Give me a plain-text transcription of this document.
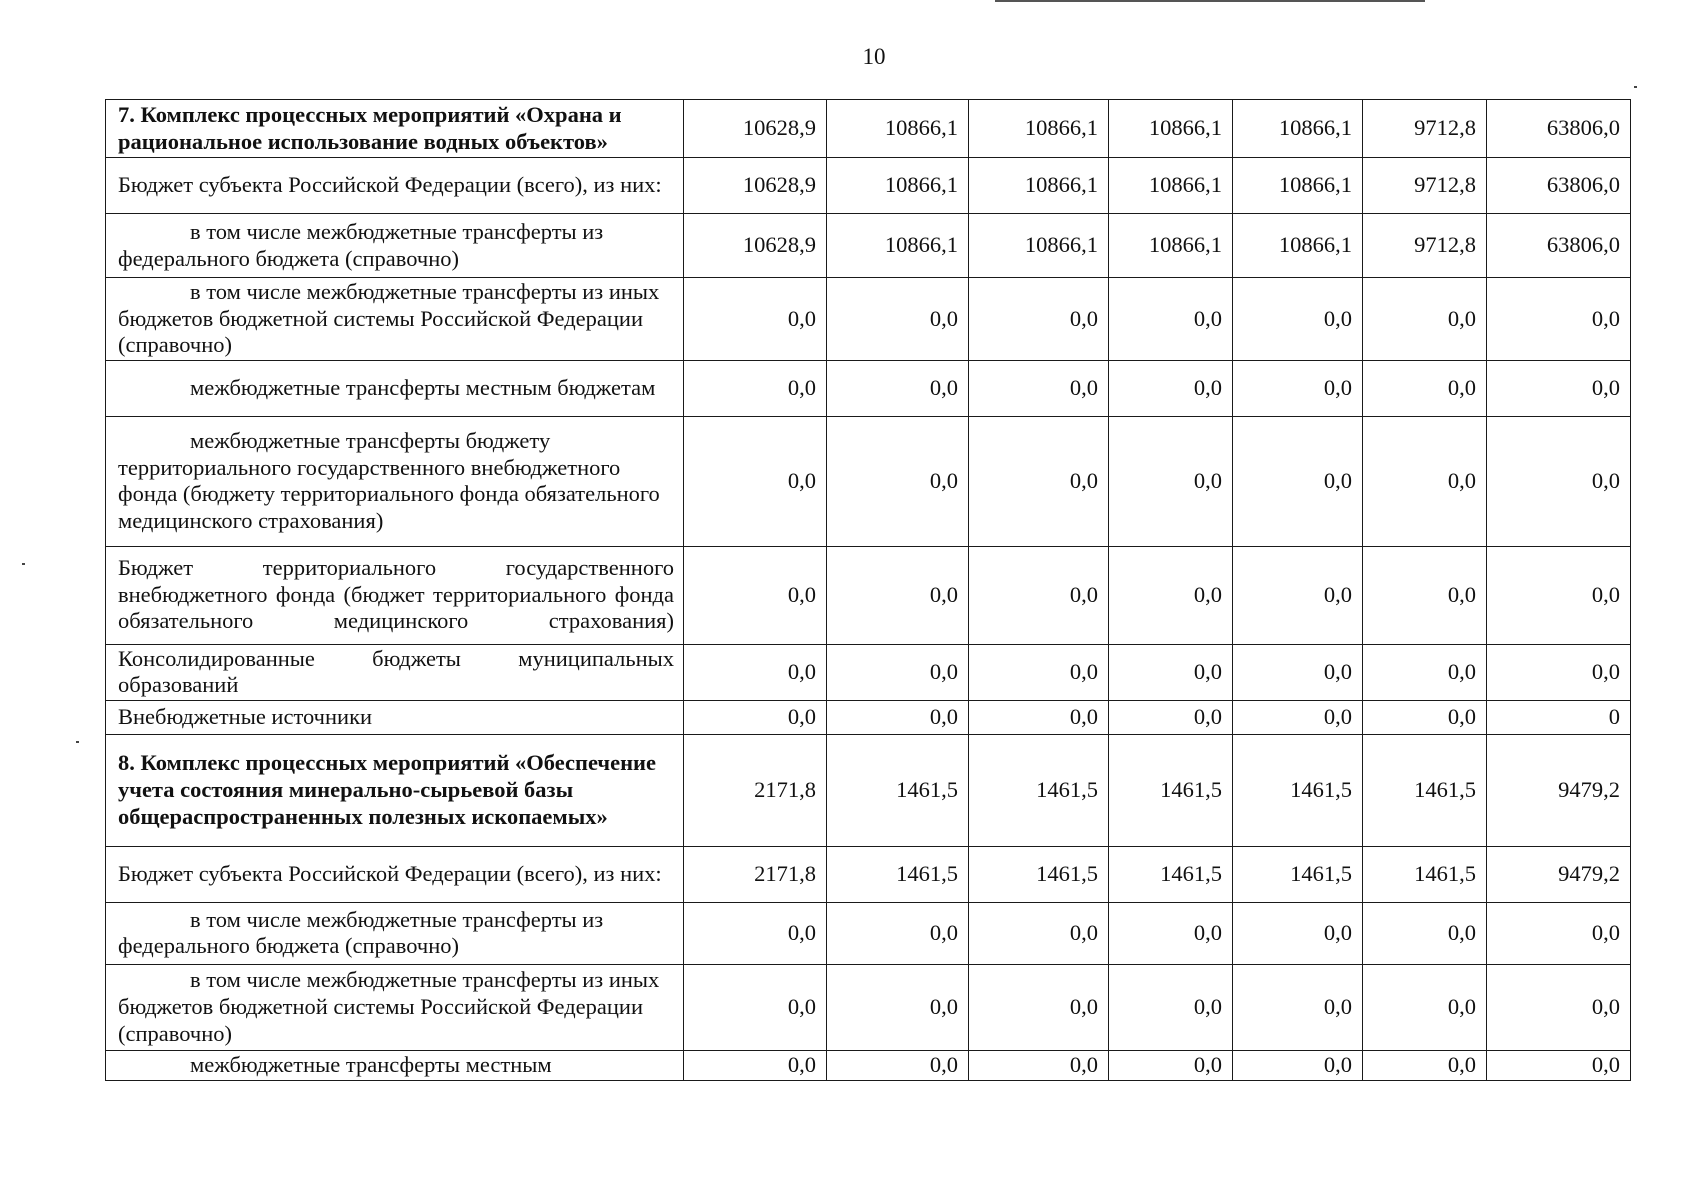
10
7. Комплекс процессных мероприятий «Охрана и рациональное использование водных объектов»	10628,9	10866,1	10866,1	10866,1	10866,1	9712,8	63806,0
Бюджет субъекта Российской Федерации (всего), из них:	10628,9	10866,1	10866,1	10866,1	10866,1	9712,8	63806,0
в том числе межбюджетные трансферты из федерального бюджета (справочно)	10628,9	10866,1	10866,1	10866,1	10866,1	9712,8	63806,0
в том числе межбюджетные трансферты из иных бюджетов бюджетной системы Российской Федерации (справочно)	0,0	0,0	0,0	0,0	0,0	0,0	0,0
межбюджетные трансферты местным бюджетам	0,0	0,0	0,0	0,0	0,0	0,0	0,0
межбюджетные трансферты бюджету территориального государственного внебюджетного фонда (бюджету территориального фонда обязательного медицинского страхования)	0,0	0,0	0,0	0,0	0,0	0,0	0,0
Бюджет территориального государственного внебюджетного фонда (бюджет территориального фонда обязательного медицинского страхования)	0,0	0,0	0,0	0,0	0,0	0,0	0,0
Консолидированные бюджеты муниципальных образований	0,0	0,0	0,0	0,0	0,0	0,0	0,0
Внебюджетные источники	0,0	0,0	0,0	0,0	0,0	0,0	0
8. Комплекс процессных мероприятий «Обеспечение учета состояния минерально-сырьевой базы общераспространенных полезных ископаемых»	2171,8	1461,5	1461,5	1461,5	1461,5	1461,5	9479,2
Бюджет субъекта Российской Федерации (всего), из них:	2171,8	1461,5	1461,5	1461,5	1461,5	1461,5	9479,2
в том числе межбюджетные трансферты из федерального бюджета (справочно)	0,0	0,0	0,0	0,0	0,0	0,0	0,0
в том числе межбюджетные трансферты из иных бюджетов бюджетной системы Российской Федерации (справочно)	0,0	0,0	0,0	0,0	0,0	0,0	0,0
межбюджетные трансферты местным	0,0	0,0	0,0	0,0	0,0	0,0	0,0
